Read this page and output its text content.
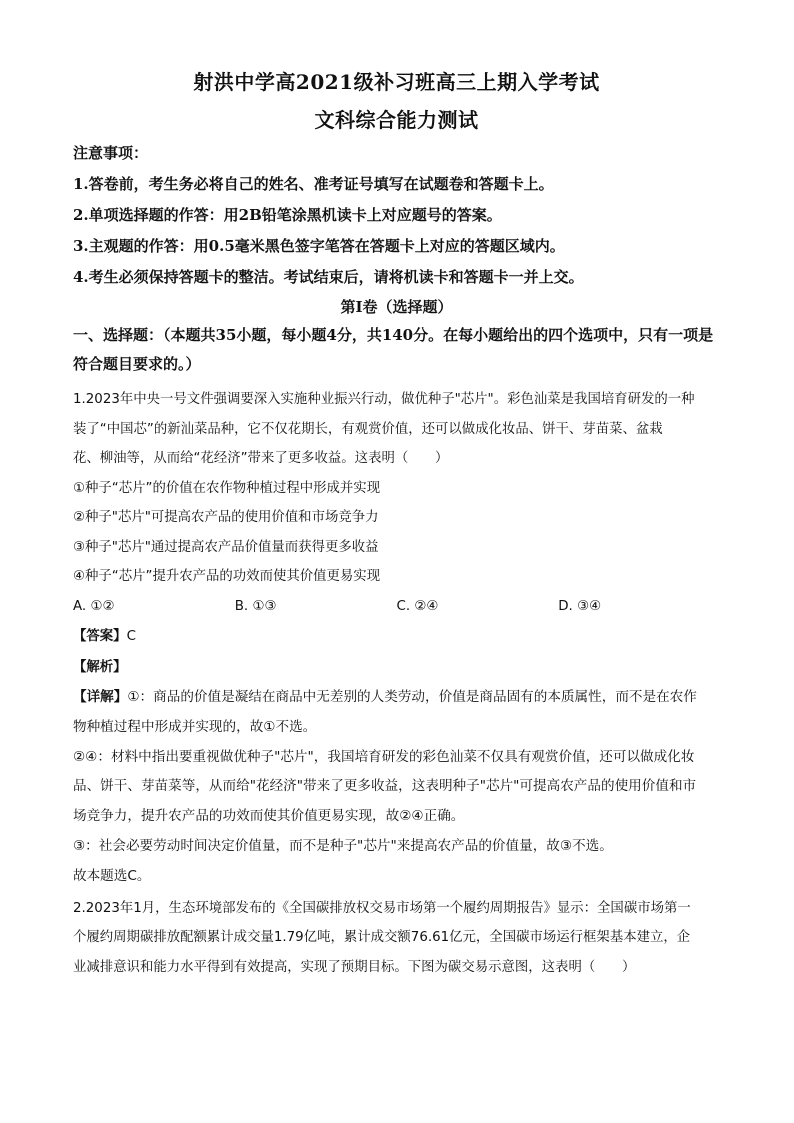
射洪中学高2021级补习班高三上期入学考试
文科综合能力测试
注意事项：
1.答卷前，考生务必将自己的姓名、准考证号填写在试题卷和答题卡上。
2.单项选择题的作答：用2B铅笔涂黑机读卡上对应题号的答案。
3.主观题的作答：用0.5毫米黑色签字笔答在答题卡上对应的答题区域内。
4.考生必须保持答题卡的整洁。考试结束后，请将机读卡和答题卡一并上交。
第Ⅰ卷（选择题）
一、选择题：（本题共35小题，每小题4分，共140分。在每小题给出的四个选项中，只有一项是符合题目要求的。）
1.2023年中央一号文件强调要深入实施种业振兴行动，做优种子"芯片"。彩色汕菜是我国培育研发的一种
装了“中国芯”的新汕菜品种，它不仅花期长，有观赏价值，还可以做成化妆品、饼干、芽苗菜、盆栽
花、柳油等，从而给“花经济”带来了更多收益。这表明（　　）
①种子“芯片”的价值在农作物种植过程中形成并实现
②种子"芯片"可提高农产品的使用价值和市场竞争力
③种子"芯片"通过提高农产品价值量而获得更多收益
④种子“芯片”提升农产品的功效而使其价值更易实现
A. ①②	B. ①③	C. ②④	D. ③④
【答案】C
【解析】
【详解】①：商品的价值是凝结在商品中无差别的人类劳动，价值是商品固有的本质属性，而不是在农作
物种植过程中形成并实现的，故①不选。
②④：材料中指出要重视做优种子"芯片"，我国培育研发的彩色汕菜不仅具有观赏价值，还可以做成化妆
品、饼干、芽苗菜等，从而给"花经济"带来了更多收益，这表明种子"芯片"可提高农产品的使用价值和市
场竞争力，提升农产品的功效而使其价值更易实现，故②④正确。
③：社会必要劳动时间决定价值量，而不是种子"芯片"来提高农产品的价值量，故③不选。
故本题选C。
2.2023年1月，生态环境部发布的《全国碳排放权交易市场第一个履约周期报告》显示：全国碳市场第一
个履约周期碳排放配额累计成交量1.79亿吨，累计成交额76.61亿元，全国碳市场运行框架基本建立，企
业减排意识和能力水平得到有效提高，实现了预期目标。下图为碳交易示意图，这表明（　　）
